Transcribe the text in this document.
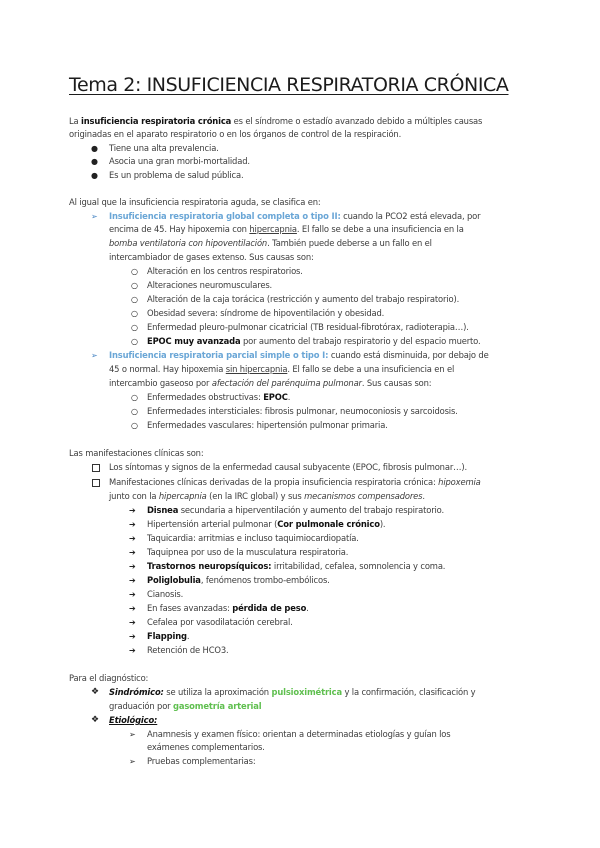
Tema 2: INSUFICIENCIA RESPIRATORIA CRÓNICA
La insuficiencia respiratoria crónica es el síndrome o estadío avanzado debido a múltiples causas
originadas en el aparato respiratorio o en los órganos de control de la respiración.
● Tiene una alta prevalencia.
● Asocia una gran morbi-mortalidad.
● Es un problema de salud pública.
Al igual que la insuficiencia respiratoria aguda, se clasifica en:
➢ Insuficiencia respiratoria global completa o tipo II: cuando la PCO2 está elevada, por
encima de 45. Hay hipoxemia con hipercapnia. El fallo se debe a una insuficiencia en la
bomba ventilatoria con hipoventilación. También puede deberse a un fallo en el
intercambiador de gases extenso. Sus causas son:
○ Alteración en los centros respiratorios.
○ Alteraciones neuromusculares.
○ Alteración de la caja torácica (restricción y aumento del trabajo respiratorio).
○ Obesidad severa: síndrome de hipoventilación y obesidad.
○ Enfermedad pleuro-pulmonar cicatricial (TB residual-fibrotórax, radioterapia…).
○ EPOC muy avanzada por aumento del trabajo respiratorio y del espacio muerto.
➢ Insuficiencia respiratoria parcial simple o tipo I: cuando está disminuida, por debajo de
45 o normal. Hay hipoxemia sin hipercapnia. El fallo se debe a una insuficiencia en el
intercambio gaseoso por afectación del parénquima pulmonar. Sus causas son:
○ Enfermedades obstructivas: EPOC.
○ Enfermedades intersticiales: fibrosis pulmonar, neumoconiosis y sarcoidosis.
○ Enfermedades vasculares: hipertensión pulmonar primaria.
Las manifestaciones clínicas son:
Los síntomas y signos de la enfermedad causal subyacente (EPOC, fibrosis pulmonar…).
Manifestaciones clínicas derivadas de la propia insuficiencia respiratoria crónica: hipoxemia
junto con la hipercapnia (en la IRC global) y sus mecanismos compensadores.
➔ Disnea secundaria a hiperventilación y aumento del trabajo respiratorio.
➔ Hipertensión arterial pulmonar (Cor pulmonale crónico).
➔ Taquicardia: arritmias e incluso taquimiocardiopatía.
➔ Taquipnea por uso de la musculatura respiratoria.
➔ Trastornos neuropsíquicos: irritabilidad, cefalea, somnolencia y coma.
➔ Poliglobulia, fenómenos trombo-embólicos.
➔ Cianosis.
➔ En fases avanzadas: pérdida de peso.
➔ Cefalea por vasodilatación cerebral.
➔ Flapping.
➔ Retención de HCO3.
Para el diagnóstico:
❖ Sindrómico: se utiliza la aproximación pulsioximétrica y la confirmación, clasificación y
graduación por gasometría arterial
❖ Etiológico:
➢ Anamnesis y examen físico: orientan a determinadas etiologías y guían los
exámenes complementarios.
➢ Pruebas complementarias:
